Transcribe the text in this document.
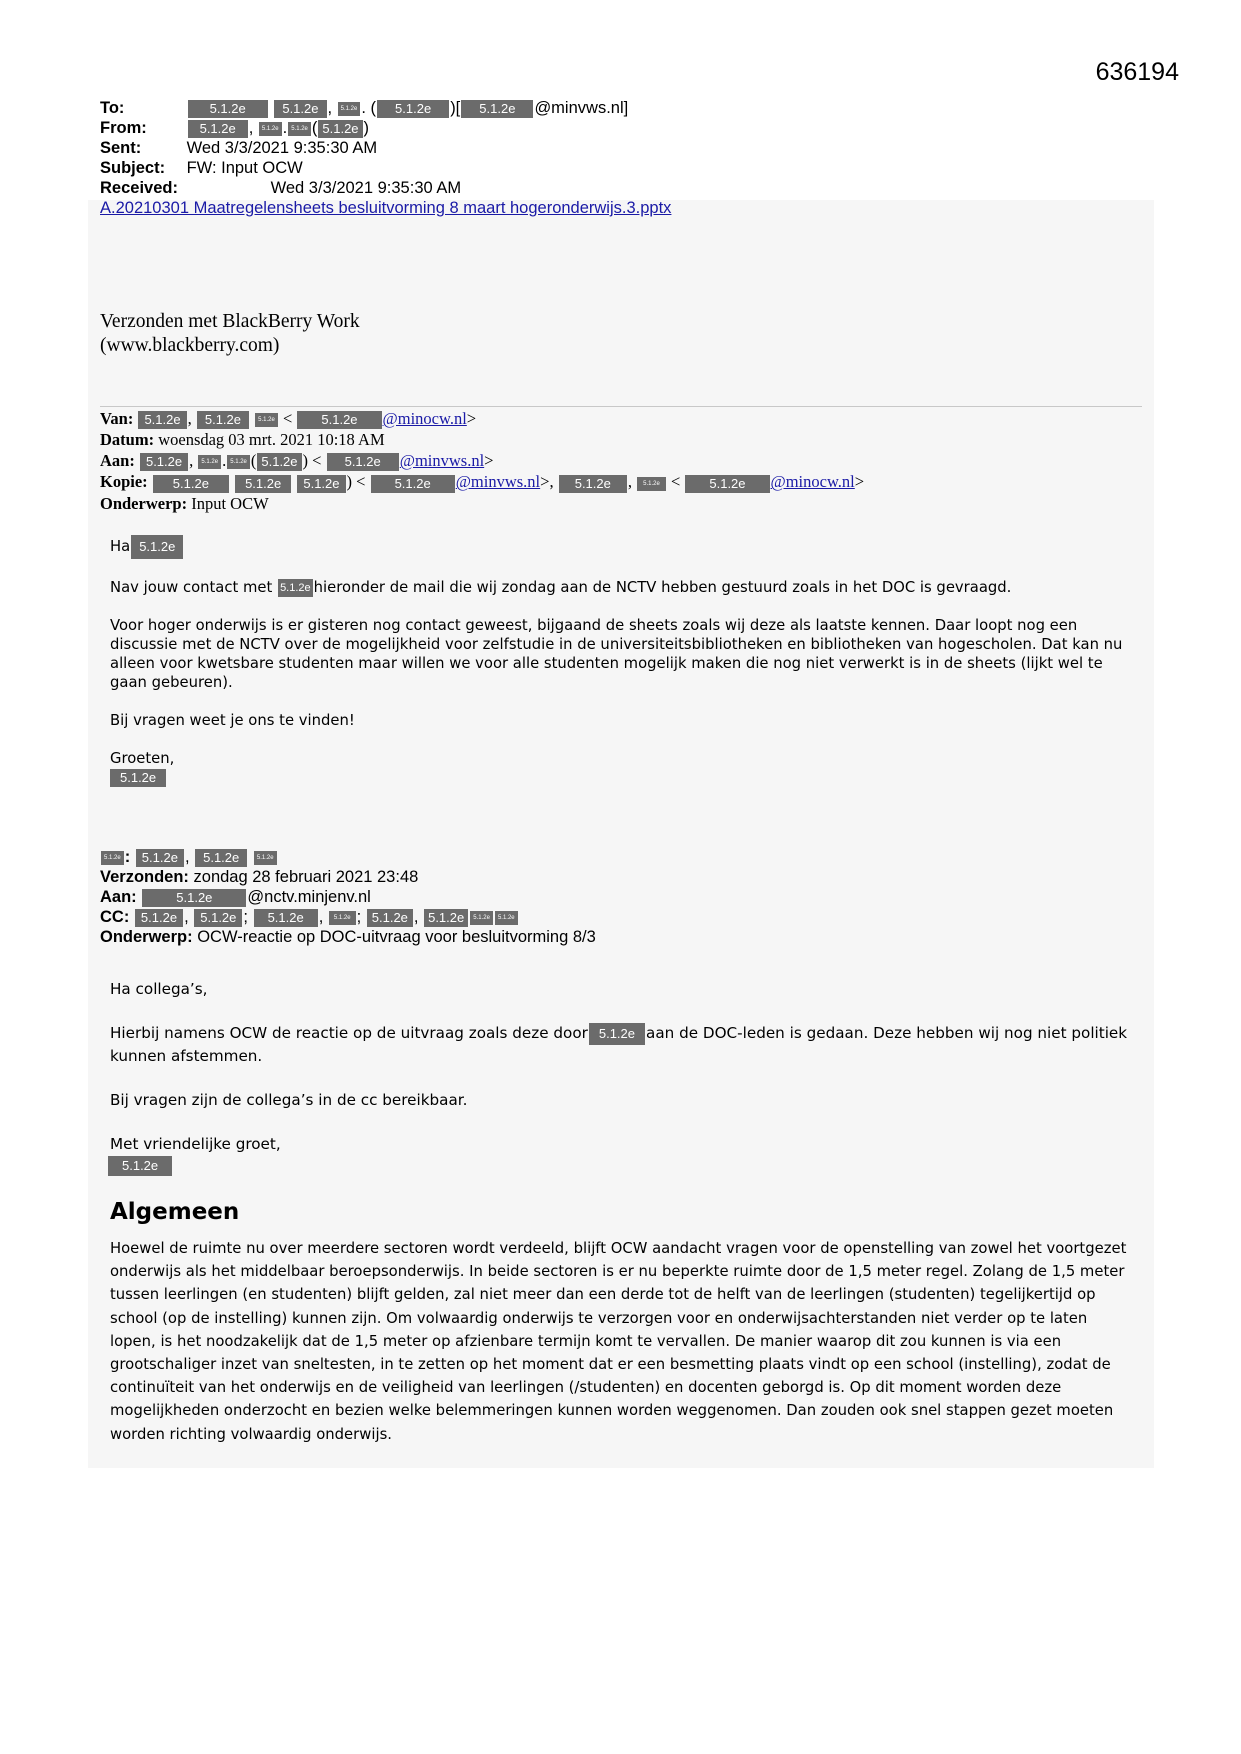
636194
To:	5.1.2e	5.1.2e , 5.1.2e . ( 5.1.2e )[ 5.1.2e @minvws.nl]
From:	5.1.2e , 5.1.2e . 5.1.2e ( 5.1.2e )
Sent:	Wed 3/3/2021 9:35:30 AM
Subject: FW: Input OCW
Received:	Wed 3/3/2021 9:35:30 AM
A.20210301 Maatregelensheets besluitvorming 8 maart hogeronderwijs.3.pptx
Verzonden met BlackBerry Work
(www.blackberry.com)
Van: 5.1.2e , 5.1.2e	5.1.2e < 5.1.2e @minocw.nl>
Datum: woensdag 03 mrt. 2021 10:18 AM
Aan: 5.1.2e , 5.1.2e . 5.1.2e ( 5.1.2e ) < 5.1.2e @minvws.nl>
Kopie: 5.1.2e	5.1.2e 5.1.2e ) < 5.1.2e @minvws.nl>, 5.1.2e , 5.1.2e < 5.1.2e @minocw.nl>
Onderwerp: Input OCW

Ha 5.1.2e

Nav jouw contact met 5.1.2e hieronder de mail die wij zondag aan de NCTV hebben gestuurd zoals in het DOC is gevraagd.

Voor hoger onderwijs is er gisteren nog contact geweest, bijgaand de sheets zoals wij deze als laatste kennen. Daar loopt nog een discussie met de NCTV over de mogelijkheid voor zelfstudie in de universiteitsbibliotheken en bibliotheken van hogescholen. Dat kan nu alleen voor kwetsbare studenten maar willen we voor alle studenten mogelijk maken die nog niet verwerkt is in de sheets (lijkt wel te gaan gebeuren).

Bij vragen weet je ons te vinden!

Groeten,
5.1.2e
5.1.2e : 5.1.2e , 5.1.2e	5.1.2e
Verzonden: zondag 28 februari 2021 23:48
Aan:	5.1.2e @nctv.minjenv.nl
CC: 5.1.2e , 5.1.2e ; 5.1.2e , 5.1.2e ; 5.1.2e , 5.1.2e 5.1.2e 5.1.2e
Onderwerp: OCW-reactie op DOC-uitvraag voor besluitvorming 8/3

Ha collega’s,

Hierbij namens OCW de reactie op de uitvraag zoals deze door 5.1.2e aan de DOC-leden is gedaan. Deze hebben wij nog niet politiek kunnen afstemmen.

Bij vragen zijn de collega’s in de cc bereikbaar.

Met vriendelijke groet,
5.1.2e
Algemeen
Hoewel de ruimte nu over meerdere sectoren wordt verdeeld, blijft OCW aandacht vragen voor de openstelling van zowel het voortgezet onderwijs als het middelbaar beroepsonderwijs. In beide sectoren is er nu beperkte ruimte door de 1,5 meter regel. Zolang de 1,5 meter tussen leerlingen (en studenten) blijft gelden, zal niet meer dan een derde tot de helft van de leerlingen (studenten) tegelijkertijd op school (op de instelling) kunnen zijn. Om volwaardig onderwijs te verzorgen voor en onderwijsachterstanden niet verder op te laten lopen, is het noodzakelijk dat de 1,5 meter op afzienbare termijn komt te vervallen. De manier waarop dit zou kunnen is via een grootschaliger inzet van sneltesten, in te zetten op het moment dat er een besmetting plaats vindt op een school (instelling), zodat de continuïteit van het onderwijs en de veiligheid van leerlingen (/studenten) en docenten geborgd is. Op dit moment worden deze mogelijkheden onderzocht en bezien welke belemmeringen kunnen worden weggenomen. Dan zouden ook snel stappen gezet moeten worden richting volwaardig onderwijs.
